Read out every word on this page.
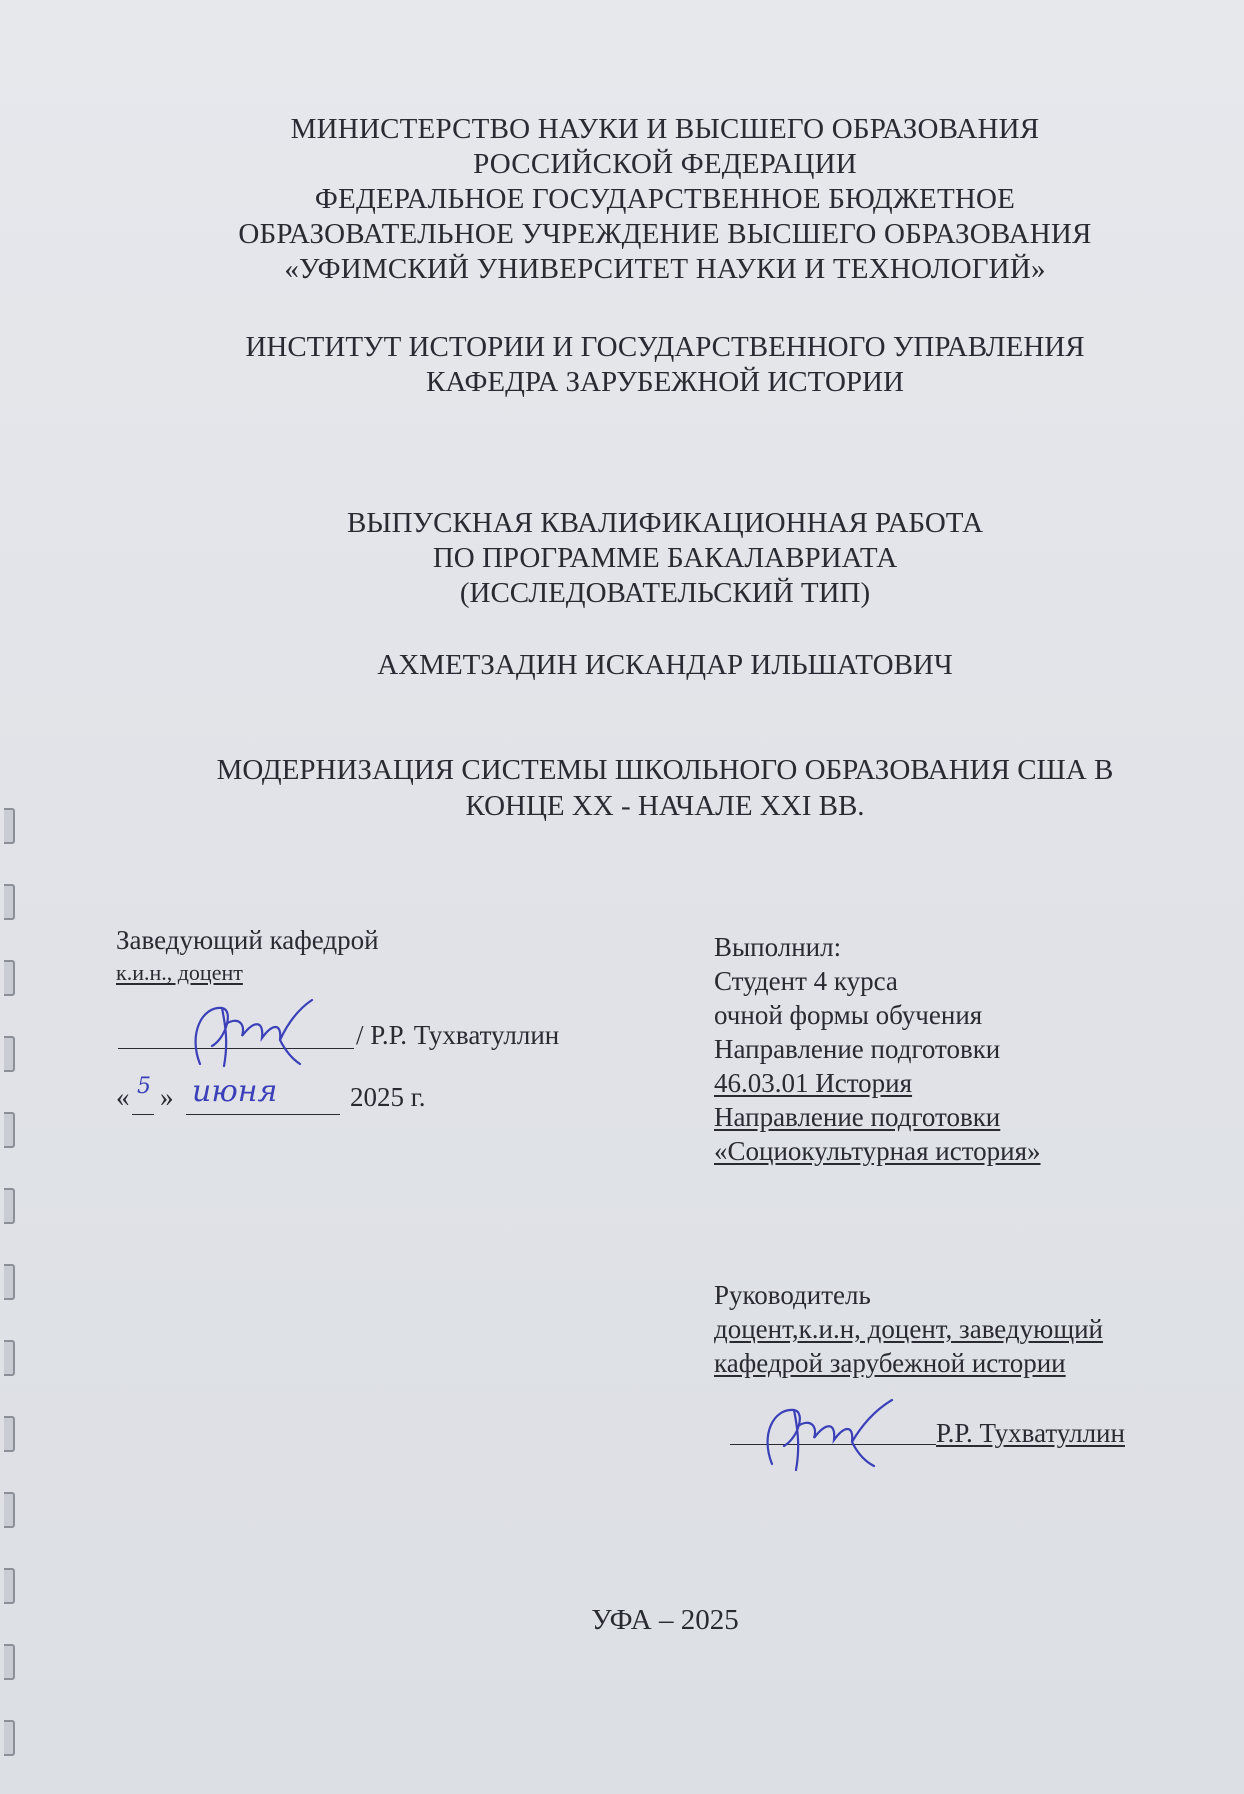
МИНИСТЕРСТВО НАУКИ И ВЫСШЕГО ОБРАЗОВАНИЯ
РОССИЙСКОЙ ФЕДЕРАЦИИ
ФЕДЕРАЛЬНОЕ ГОСУДАРСТВЕННОЕ БЮДЖЕТНОЕ
ОБРАЗОВАТЕЛЬНОЕ УЧРЕЖДЕНИЕ ВЫСШЕГО ОБРАЗОВАНИЯ
«УФИМСКИЙ УНИВЕРСИТЕТ НАУКИ И ТЕХНОЛОГИЙ»
ИНСТИТУТ ИСТОРИИ И ГОСУДАРСТВЕННОГО УПРАВЛЕНИЯ
КАФЕДРА ЗАРУБЕЖНОЙ ИСТОРИИ
ВЫПУСКНАЯ КВАЛИФИКАЦИОННАЯ РАБОТА
ПО ПРОГРАММЕ БАКАЛАВРИАТА
(ИССЛЕДОВАТЕЛЬСКИЙ ТИП)
АХМЕТЗАДИН ИСКАНДАР ИЛЬШАТОВИЧ
МОДЕРНИЗАЦИЯ СИСТЕМЫ ШКОЛЬНОГО ОБРАЗОВАНИЯ США В
КОНЦЕ XX - НАЧАЛЕ XXI ВВ.
Заведующий кафедрой
к.и.н., доцент
/ Р.Р. Тухватуллин
« 5 » июня	2025 г.
Выполнил:
Студент 4 курса
очной формы обучения
Направление подготовки
46.03.01 История
Направление подготовки
«Социокультурная история»
Руководитель
доцент,к.и.н, доцент, заведующий
кафедрой зарубежной истории
Р.Р. Тухватуллин
УФА – 2025
